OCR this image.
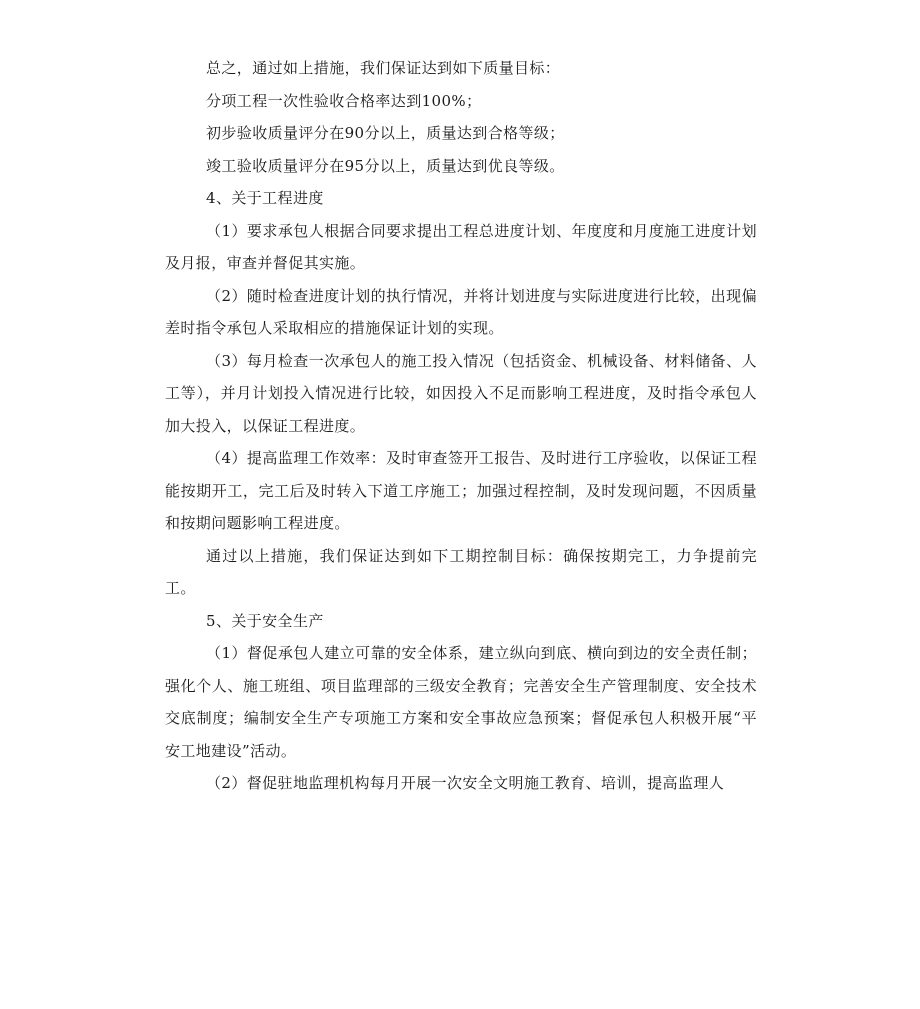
总之，通过如上措施，我们保证达到如下质量目标：

分项工程一次性验收合格率达到100%；

初步验收质量评分在90分以上，质量达到合格等级；

竣工验收质量评分在95分以上，质量达到优良等级。

4、关于工程进度

（1）要求承包人根据合同要求提出工程总进度计划、年度度和月度施工进度计划及月报，审查并督促其实施。

（2）随时检查进度计划的执行情况，并将计划进度与实际进度进行比较，出现偏差时指令承包人采取相应的措施保证计划的实现。

（3）每月检查一次承包人的施工投入情况（包括资金、机械设备、材料储备、人工等），并月计划投入情况进行比较，如因投入不足而影响工程进度，及时指令承包人加大投入，以保证工程进度。

（4）提高监理工作效率：及时审查签开工报告、及时进行工序验收，以保证工程能按期开工，完工后及时转入下道工序施工；加强过程控制，及时发现问题，不因质量和按期问题影响工程进度。

通过以上措施，我们保证达到如下工期控制目标：确保按期完工，力争提前完工。

5、关于安全生产

（1）督促承包人建立可靠的安全体系，建立纵向到底、横向到边的安全责任制；强化个人、施工班组、项目监理部的三级安全教育；完善安全生产管理制度、安全技术交底制度；编制安全生产专项施工方案和安全事故应急预案；督促承包人积极开展“平安工地建设”活动。

（2）督促驻地监理机构每月开展一次安全文明施工教育、培训，提高监理人
